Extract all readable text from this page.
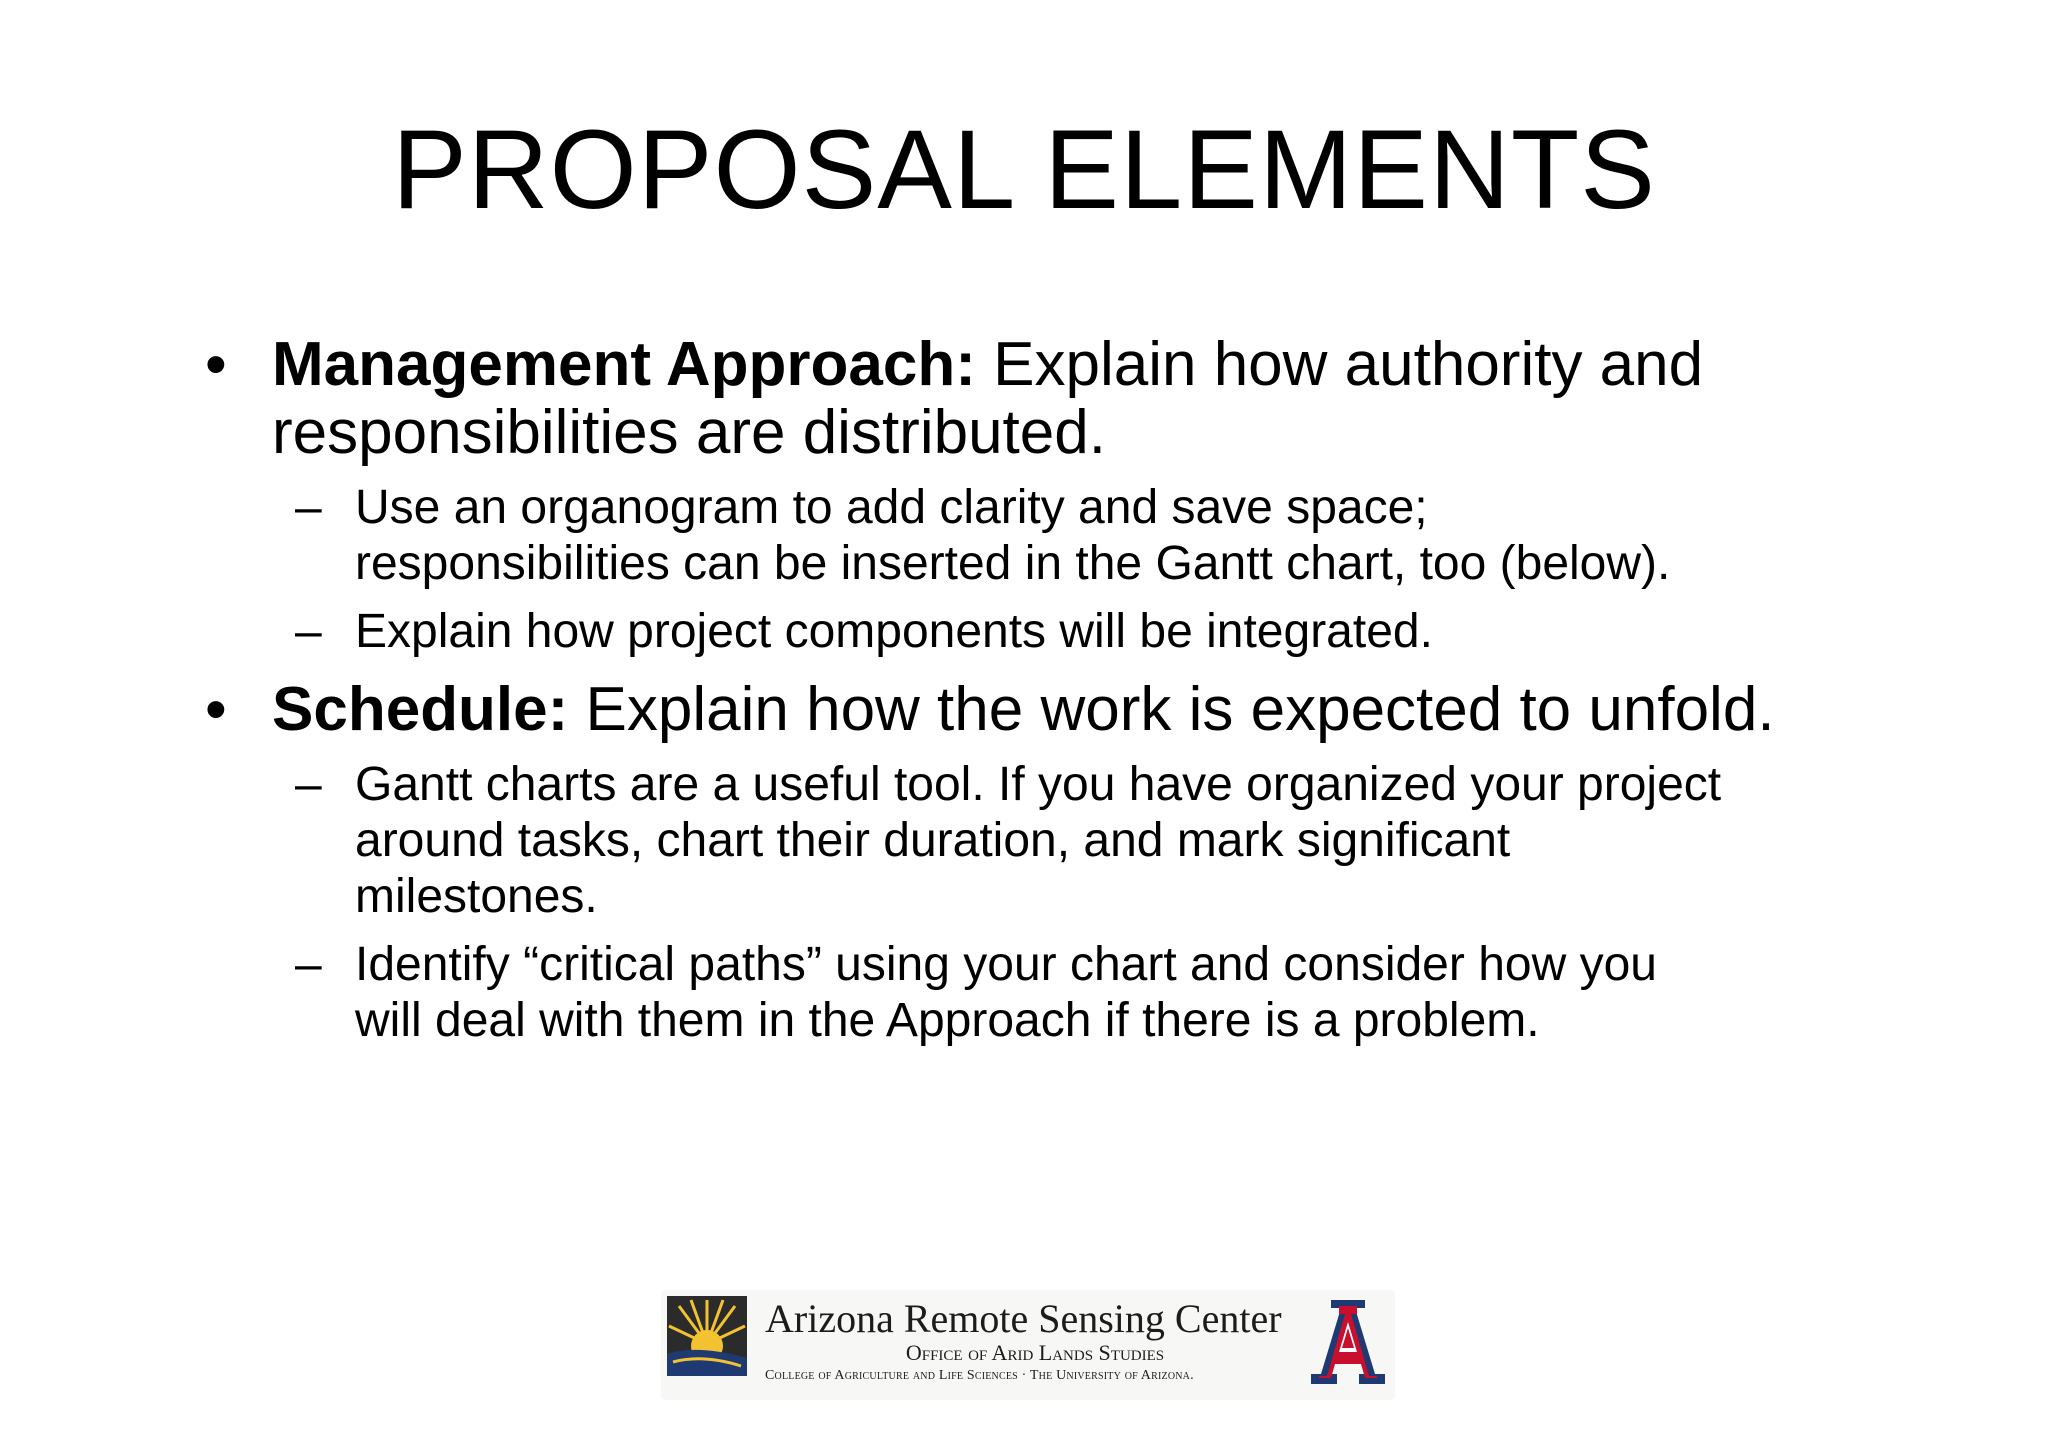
PROPOSAL ELEMENTS
• Management Approach: Explain how authority and
responsibilities are distributed.
– Use an organogram to add clarity and save space;
responsibilities can be inserted in the Gantt chart, too (below).
– Explain how project components will be integrated.
• Schedule: Explain how the work is expected to unfold.
– Gantt charts are a useful tool. If you have organized your project
around tasks, chart their duration, and mark significant
milestones.
– Identify “critical paths” using your chart and consider how you
will deal with them in the Approach if there is a problem.
Arizona Remote Sensing Center
Office of Arid Lands Studies
College of Agriculture and Life Sciences · The University of Arizona.
